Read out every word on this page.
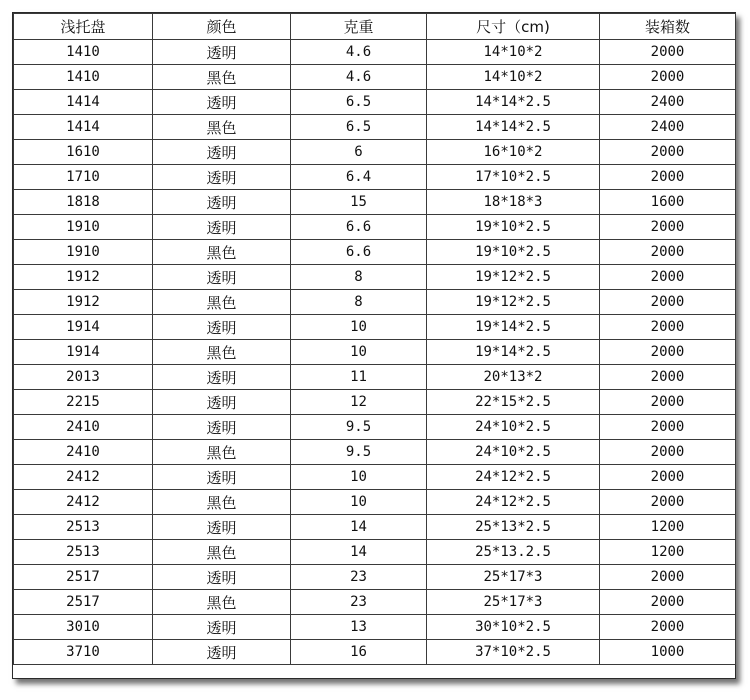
浅托盘	颜色	克重	尺寸（cm)	装箱数
1410	透明	4.6	14*10*2	2000
1410	黑色	4.6	14*10*2	2000
1414	透明	6.5	14*14*2.5	2400
1414	黑色	6.5	14*14*2.5	2400
1610	透明	6	16*10*2	2000
1710	透明	6.4	17*10*2.5	2000
1818	透明	15	18*18*3	1600
1910	透明	6.6	19*10*2.5	2000
1910	黑色	6.6	19*10*2.5	2000
1912	透明	8	19*12*2.5	2000
1912	黑色	8	19*12*2.5	2000
1914	透明	10	19*14*2.5	2000
1914	黑色	10	19*14*2.5	2000
2013	透明	11	20*13*2	2000
2215	透明	12	22*15*2.5	2000
2410	透明	9.5	24*10*2.5	2000
2410	黑色	9.5	24*10*2.5	2000
2412	透明	10	24*12*2.5	2000
2412	黑色	10	24*12*2.5	2000
2513	透明	14	25*13*2.5	1200
2513	黑色	14	25*13.2.5	1200
2517	透明	23	25*17*3	2000
2517	黑色	23	25*17*3	2000
3010	透明	13	30*10*2.5	2000
3710	透明	16	37*10*2.5	1000
